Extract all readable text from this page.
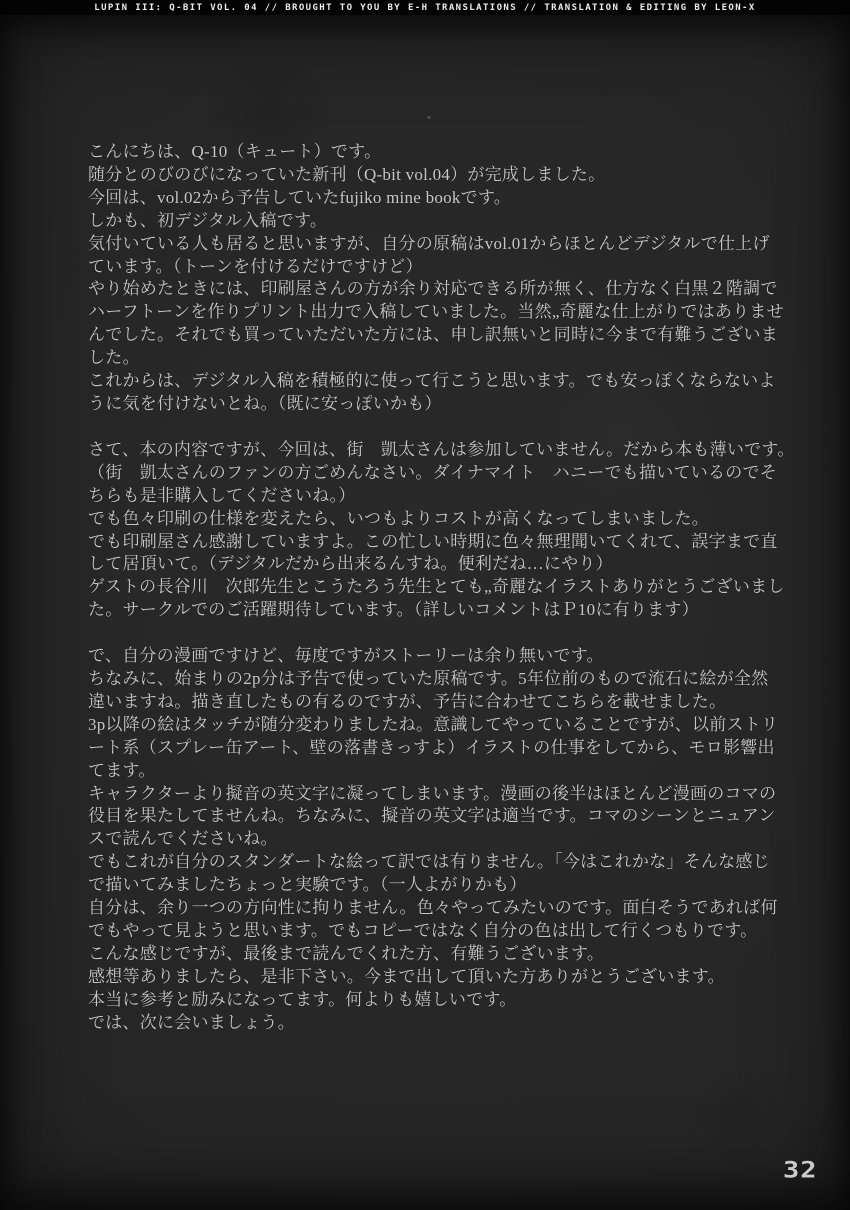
LUPIN III: Q-BIT VOL. 04 // BROUGHT TO YOU BY E-H TRANSLATIONS // TRANSLATION & EDITING BY LEON-X
こんにちは、Q-10（キュート）です。
随分とのびのびになっていた新刊（Q-bit vol.04）が完成しました。
今回は、vol.02から予告していたfujiko mine bookです。
しかも、初デジタル入稿です。
気付いている人も居ると思いますが、自分の原稿はvol.01からほとんどデジタルで仕上げ
ています。（トーンを付けるだけですけど）
やり始めたときには、印刷屋さんの方が余り対応できる所が無く、仕方なく白黒２階調で
ハーフトーンを作りプリント出力で入稿していました。当然„奇麗な仕上がりではありませ
んでした。それでも買っていただいた方には、申し訳無いと同時に今まで有難うございま
した。
これからは、デジタル入稿を積極的に使って行こうと思います。でも安っぽくならないよ
うに気を付けないとね。（既に安っぽいかも）
さて、本の内容ですが、今回は、街　凱太さんは参加していません。だから本も薄いです。
（街　凱太さんのファンの方ごめんなさい。ダイナマイト　ハニーでも描いているのでそ
ちらも是非購入してくださいね。）
でも色々印刷の仕様を変えたら、いつもよりコストが高くなってしまいました。
でも印刷屋さん感謝していますよ。この忙しい時期に色々無理聞いてくれて、誤字まで直
して居頂いて。（デジタルだから出来るんすね。便利だね…にやり）
ゲストの長谷川　次郎先生とこうたろう先生とても„奇麗なイラストありがとうございまし
た。サークルでのご活躍期待しています。（詳しいコメントはＰ10に有ります）
で、自分の漫画ですけど、毎度ですがストーリーは余り無いです。
ちなみに、始まりの2p分は予告で使っていた原稿です。5年位前のもので流石に絵が全然
違いますね。描き直したもの有るのですが、予告に合わせてこちらを載せました。
3p以降の絵はタッチが随分変わりましたね。意識してやっていることですが、以前ストリ
ート系（スプレー缶アート、壁の落書きっすよ）イラストの仕事をしてから、モロ影響出
てます。
キャラクターより擬音の英文字に凝ってしまいます。漫画の後半はほとんど漫画のコマの
役目を果たしてませんね。ちなみに、擬音の英文字は適当です。コマのシーンとニュアン
スで読んでくださいね。
でもこれが自分のスタンダートな絵って訳では有りません。「今はこれかな」そんな感じ
で描いてみましたちょっと実験です。（一人よがりかも）
自分は、余り一つの方向性に拘りません。色々やってみたいのです。面白そうであれば何
でもやって見ようと思います。でもコピーではなく自分の色は出して行くつもりです。
こんな感じですが、最後まで読んでくれた方、有難うございます。
感想等ありましたら、是非下さい。今まで出して頂いた方ありがとうございます。
本当に参考と励みになってます。何よりも嬉しいです。
では、次に会いましょう。
32
